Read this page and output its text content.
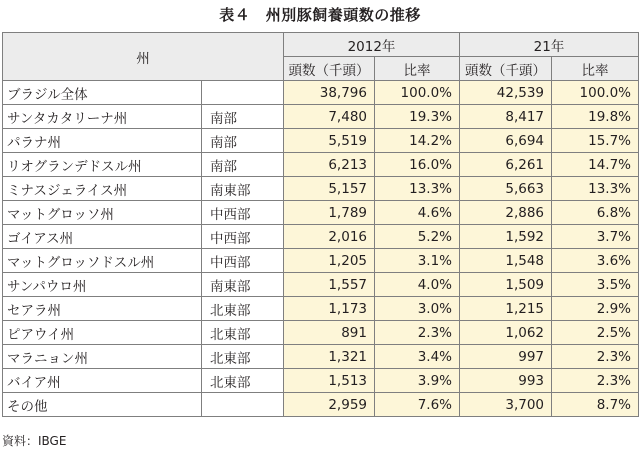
表４　州別豚飼養頭数の推移
州		2012年		21年	
		頭数（千頭）	比率	頭数（千頭）	比率
ブラジル全体		38,796	100.0%	42,539	100.0%
サンタカタリーナ州	南部	7,480	19.3%	8,417	19.8%
パラナ州	南部	5,519	14.2%	6,694	15.7%
リオグランデドスル州	南部	6,213	16.0%	6,261	14.7%
ミナスジェライス州	南東部	5,157	13.3%	5,663	13.3%
マットグロッソ州	中西部	1,789	4.6%	2,886	6.8%
ゴイアス州	中西部	2,016	5.2%	1,592	3.7%
マットグロッソドスル州	中西部	1,205	3.1%	1,548	3.6%
サンパウロ州	南東部	1,557	4.0%	1,509	3.5%
セアラ州	北東部	1,173	3.0%	1,215	2.9%
ピアウイ州	北東部	891	2.3%	1,062	2.5%
マラニョン州	北東部	1,321	3.4%	997	2.3%
バイア州	北東部	1,513	3.9%	993	2.3%
その他		2,959	7.6%	3,700	8.7%
資料：IBGE
